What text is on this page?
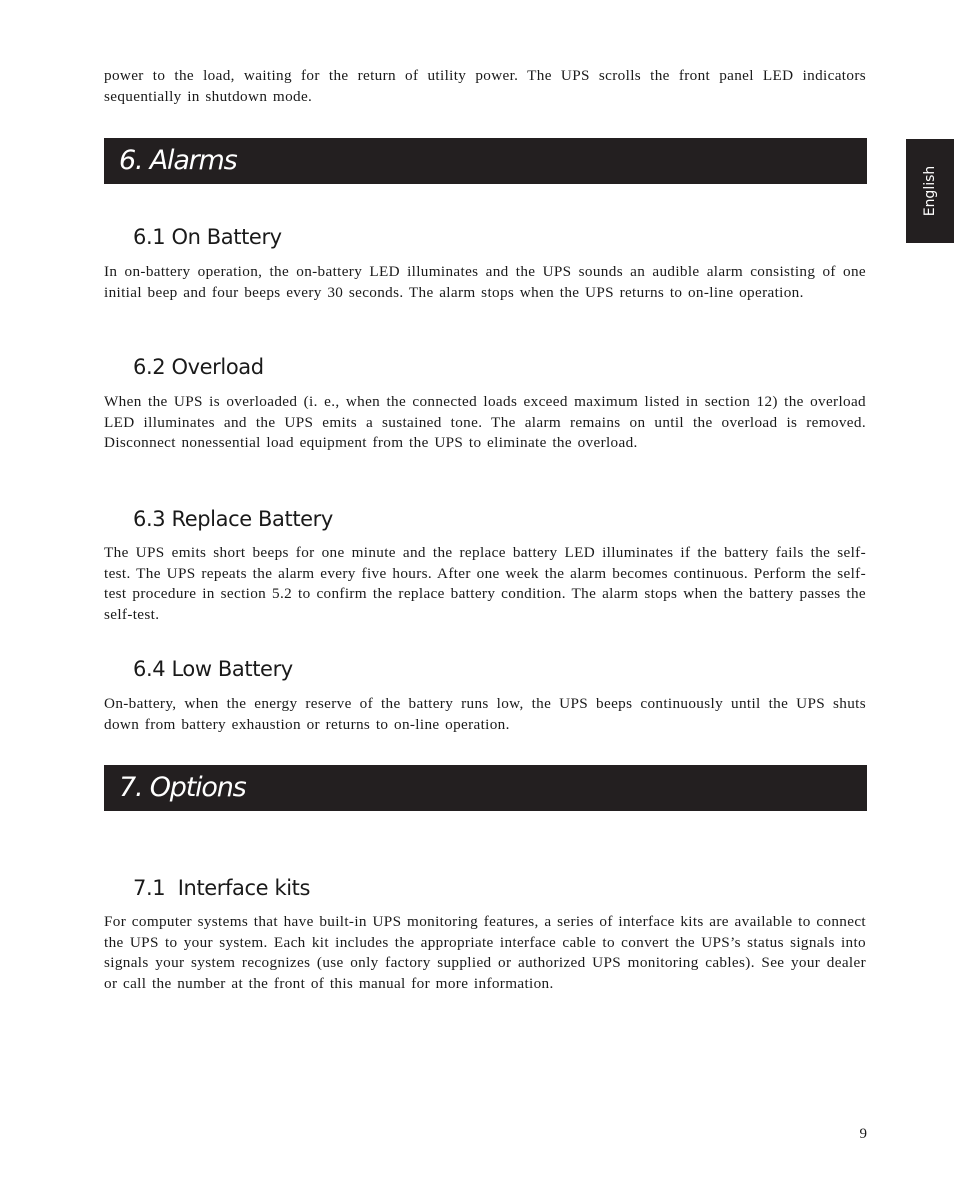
English

power to the load, waiting for the return of utility power. The UPS scrolls the front panel LED indicators sequentially in shutdown mode.

6. Alarms
6.1 On Battery

In on-battery operation, the on-battery LED illuminates and the UPS sounds an audible alarm consisting of one initial beep and four beeps every 30 seconds. The alarm stops when the UPS returns to on-line operation.

6.2 Overload

When the UPS is overloaded (i. e., when the connected loads exceed maximum listed in section 12) the overload LED illuminates and the UPS emits a sustained tone. The alarm remains on until the overload is removed. Disconnect nonessential load equipment from the UPS to eliminate the overload.

6.3 Replace Battery

The UPS emits short beeps for one minute and the replace battery LED illuminates if the battery fails the self-test. The UPS repeats the alarm every five hours. After one week the alarm becomes continuous. Perform the self-test procedure in section 5.2 to confirm the replace battery condition. The alarm stops when the battery passes the self-test.

6.4 Low Battery

On-battery, when the energy reserve of the battery runs low, the UPS beeps continuously until the UPS shuts down from battery exhaustion or returns to on-line operation.

7. Options
7.1  Interface kits

For computer systems that have built-in UPS monitoring features, a series of interface kits are available to connect the UPS to your system. Each kit includes the appropriate interface cable to convert the UPS’s status signals into signals your system recognizes (use only factory supplied or authorized UPS monitoring cables). See your dealer or call the number at the front of this manual for more information.

9
